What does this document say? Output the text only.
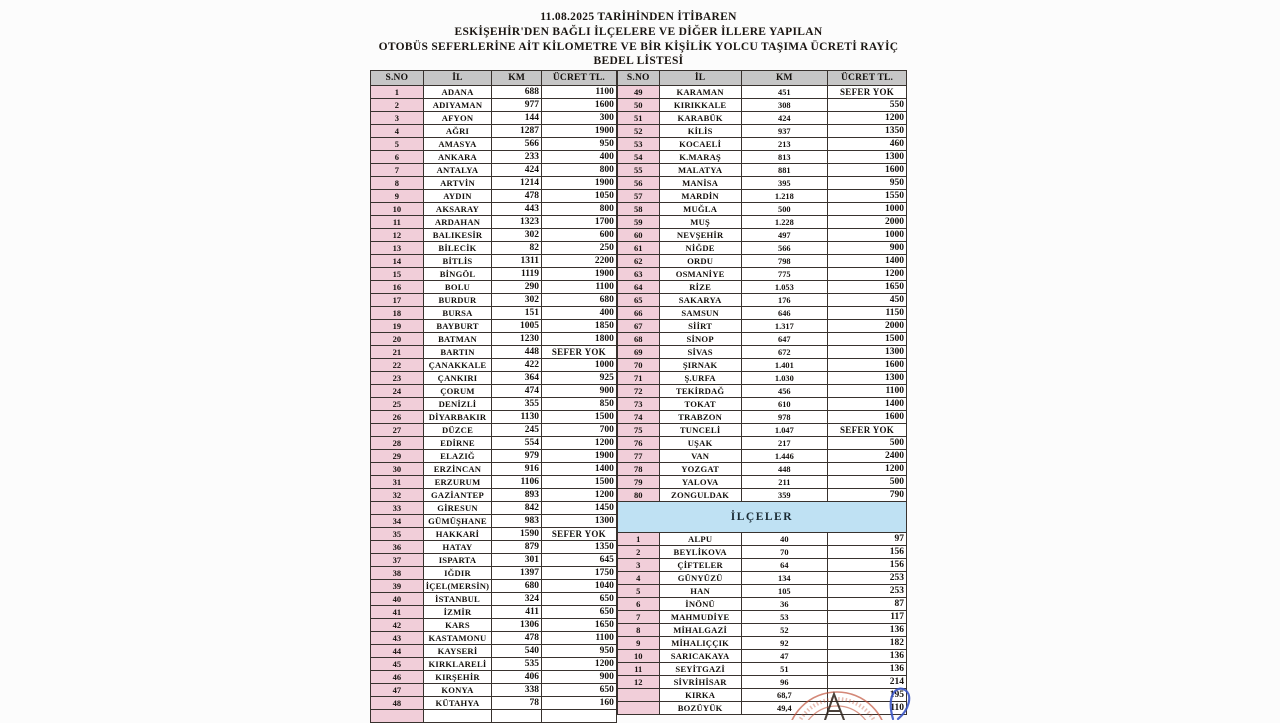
11.08.2025 TARİHİNDEN İTİBAREN
ESKİŞEHİR'DEN BAĞLI İLÇELERE VE DİĞER İLLERE YAPILAN
OTOBÜS SEFERLERİNE AİT KİLOMETRE VE BİR KİŞİLİK YOLCU TAŞIMA ÜCRETİ RAYİÇ
BEDEL LİSTESİ
S.NO	İL	KM	ÜCRET TL.
1	ADANA	688	1100
2	ADIYAMAN	977	1600
3	AFYON	144	300
4	AĞRI	1287	1900
5	AMASYA	566	950
6	ANKARA	233	400
7	ANTALYA	424	800
8	ARTVİN	1214	1900
9	AYDIN	478	1050
10	AKSARAY	443	800
11	ARDAHAN	1323	1700
12	BALIKESİR	302	600
13	BİLECİK	82	250
14	BİTLİS	1311	2200
15	BİNGÖL	1119	1900
16	BOLU	290	1100
17	BURDUR	302	680
18	BURSA	151	400
19	BAYBURT	1005	1850
20	BATMAN	1230	1800
21	BARTIN	448	SEFER YOK
22	ÇANAKKALE	422	1000
23	ÇANKIRI	364	925
24	ÇORUM	474	900
25	DENİZLİ	355	850
26	DİYARBAKIR	1130	1500
27	DÜZCE	245	700
28	EDİRNE	554	1200
29	ELAZIĞ	979	1900
30	ERZİNCAN	916	1400
31	ERZURUM	1106	1500
32	GAZİANTEP	893	1200
33	GİRESUN	842	1450
34	GÜMÜŞHANE	983	1300
35	HAKKARİ	1590	SEFER YOK
36	HATAY	879	1350
37	ISPARTA	301	645
38	IĞDIR	1397	1750
39	İÇEL(MERSİN)	680	1040
40	İSTANBUL	324	650
41	İZMİR	411	650
42	KARS	1306	1650
43	KASTAMONU	478	1100
44	KAYSERİ	540	950
45	KIRKLARELİ	535	1200
46	KIRŞEHİR	406	900
47	KONYA	338	650
48	KÜTAHYA	78	160

S.NO	İL	KM	ÜCRET TL.
49	KARAMAN	451	SEFER YOK
50	KIRIKKALE	308	550
51	KARABÜK	424	1200
52	KİLİS	937	1350
53	KOCAELİ	213	460
54	K.MARAŞ	813	1300
55	MALATYA	881	1600
56	MANİSA	395	950
57	MARDİN	1.218	1550
58	MUĞLA	500	1000
59	MUŞ	1.228	2000
60	NEVŞEHİR	497	1000
61	NİĞDE	566	900
62	ORDU	798	1400
63	OSMANİYE	775	1200
64	RİZE	1.053	1650
65	SAKARYA	176	450
66	SAMSUN	646	1150
67	SİİRT	1.317	2000
68	SİNOP	647	1500
69	SİVAS	672	1300
70	ŞIRNAK	1.401	1600
71	Ş.URFA	1.030	1300
72	TEKİRDAĞ	456	1100
73	TOKAT	610	1400
74	TRABZON	978	1600
75	TUNCELİ	1.047	SEFER YOK
76	UŞAK	217	500
77	VAN	1.446	2400
78	YOZGAT	448	1200
79	YALOVA	211	500
80	ZONGULDAK	359	790
İLÇELER			
1	ALPU	40	97
2	BEYLİKOVA	70	156
3	ÇİFTELER	64	156
4	GÜNYÜZÜ	134	253
5	HAN	105	253
6	İNÖNÜ	36	87
7	MAHMUDİYE	53	117
8	MİHALGAZİ	52	136
9	MİHALIÇÇIK	92	182
10	SARICAKAYA	47	136
11	SEYİTGAZİ	51	136
12	SİVRİHİSAR	96	214
	KIRKA	68,7	195
	BOZÜYÜK	49,4	110
